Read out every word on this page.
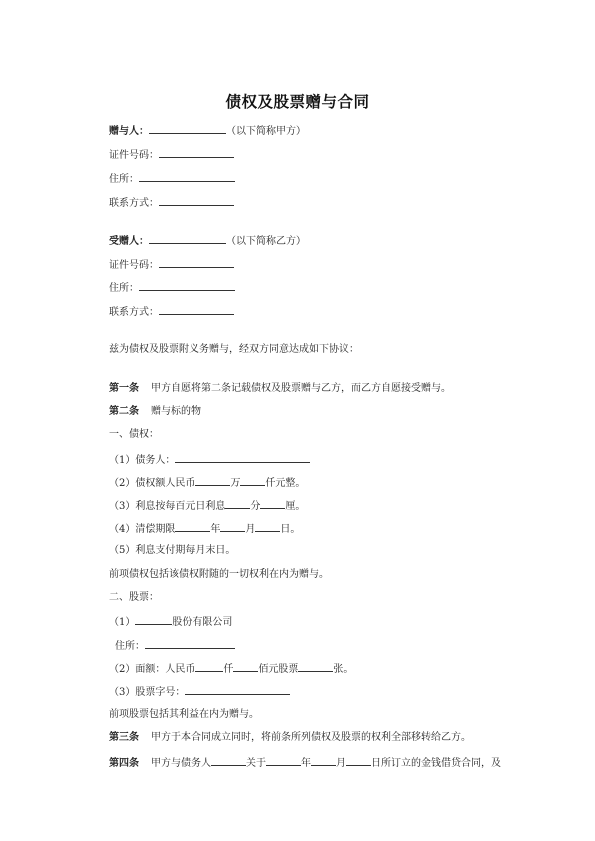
债权及股票赠与合同
赠与人：	（以下简称甲方）
证件号码：
住所：
联系方式：
受赠人：	（以下简称乙方）
证件号码：
住所：
联系方式：
兹为债权及股票附义务赠与，经双方同意达成如下协议：
第一条 甲方自愿将第二条记载债权及股票赠与乙方，而乙方自愿接受赠与。
第二条 赠与标的物
一、债权：
（1）债务人：
（2）债权额人民币	万	仟元整。
（3）利息按每百元日利息	分	厘。
（4）清偿期限	年	月	日。
（5）利息支付期每月末日。
前项债权包括该债权附随的一切权利在内为赠与。
二、股票：
（1）	股份有限公司
住所：
（2）面额：人民币	仟	佰元股票	张。
（3）股票字号：
前项股票包括其利益在内为赠与。
第三条 甲方于本合同成立同时，将前条所列债权及股票的权利全部移转给乙方。
第四条 甲方与债务人	关于	年	月	日所订立的金钱借贷合同，及
